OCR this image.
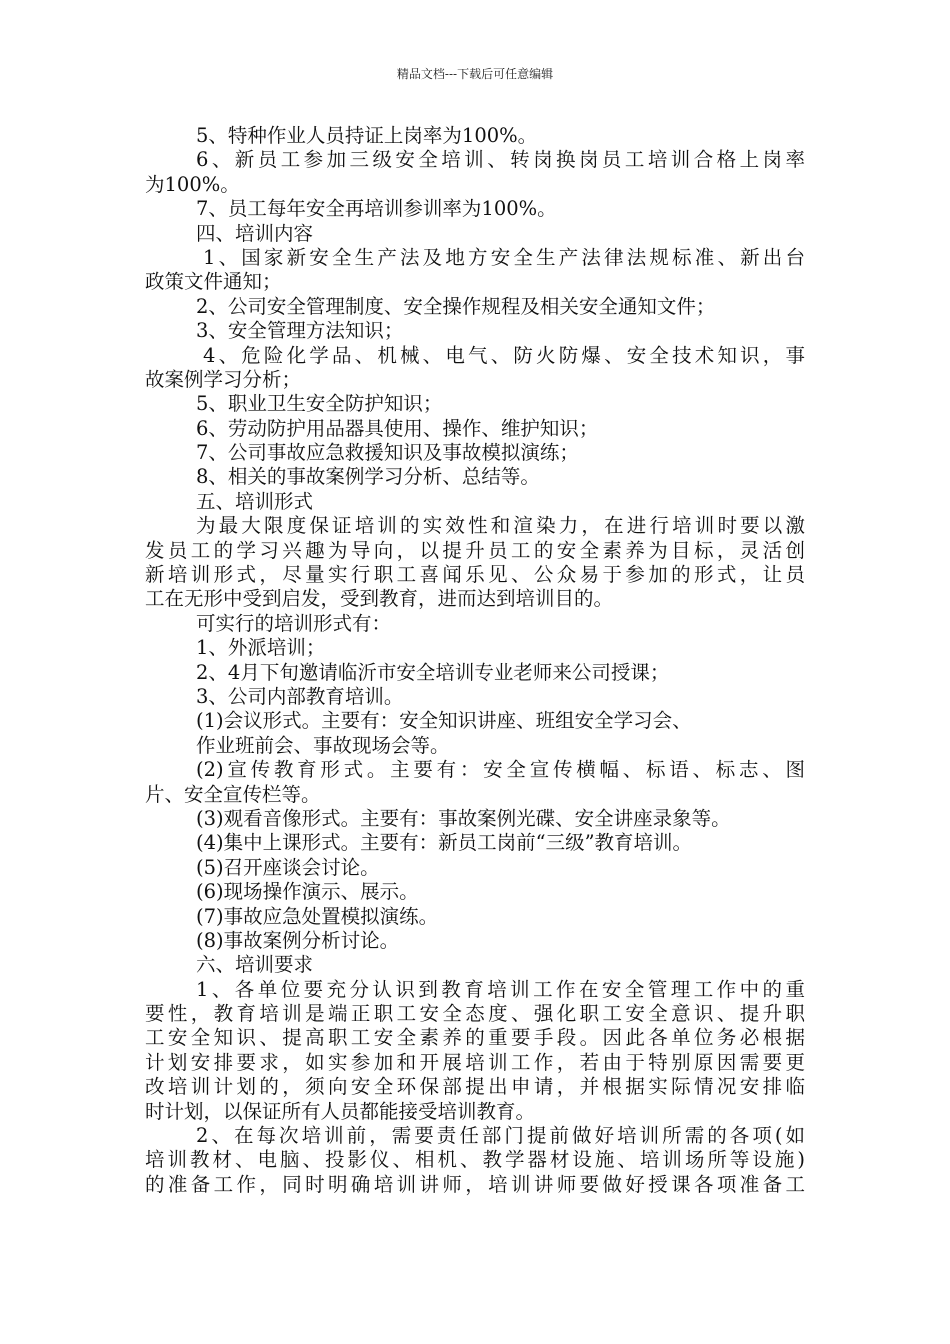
精品文档---下载后可任意编辑
5、特种作业人员持证上岗率为100%。
6、新员工参加三级安全培训、转岗换岗员工培训合格上岗率
为100%。
7、员工每年安全再培训参训率为100%。
四、培训内容
1、国家新安全生产法及地方安全生产法律法规标准、新出台
政策文件通知；
2、公司安全管理制度、安全操作规程及相关安全通知文件；
3、安全管理方法知识；
4、危险化学品、机械、电气、防火防爆、安全技术知识，事
故案例学习分析；
5、职业卫生安全防护知识；
6、劳动防护用品器具使用、操作、维护知识；
7、公司事故应急救援知识及事故模拟演练；
8、相关的事故案例学习分析、总结等。
五、培训形式
为最大限度保证培训的实效性和渲染力，在进行培训时要以激
发员工的学习兴趣为导向，以提升员工的安全素养为目标，灵活创
新培训形式，尽量实行职工喜闻乐见、公众易于参加的形式，让员
工在无形中受到启发，受到教育，进而达到培训目的。
可实行的培训形式有：
1、外派培训；
2、4月下旬邀请临沂市安全培训专业老师来公司授课；
3、公司内部教育培训。
(1)会议形式。主要有：安全知识讲座、班组安全学习会、
作业班前会、事故现场会等。
(2)宣传教育形式。主要有：安全宣传横幅、标语、标志、图
片、安全宣传栏等。
(3)观看音像形式。主要有：事故案例光碟、安全讲座录象等。
(4)集中上课形式。主要有：新员工岗前“三级”教育培训。
(5)召开座谈会讨论。
(6)现场操作演示、展示。
(7)事故应急处置模拟演练。
(8)事故案例分析讨论。
六、培训要求
1、各单位要充分认识到教育培训工作在安全管理工作中的重
要性，教育培训是端正职工安全态度、强化职工安全意识、提升职
工安全知识、提高职工安全素养的重要手段。因此各单位务必根据
计划安排要求，如实参加和开展培训工作，若由于特别原因需要更
改培训计划的，须向安全环保部提出申请，并根据实际情况安排临
时计划，以保证所有人员都能接受培训教育。
2、在每次培训前，需要责任部门提前做好培训所需的各项(如
培训教材、电脑、投影仪、相机、教学器材设施、培训场所等设施)
的准备工作，同时明确培训讲师，培训讲师要做好授课各项准备工
